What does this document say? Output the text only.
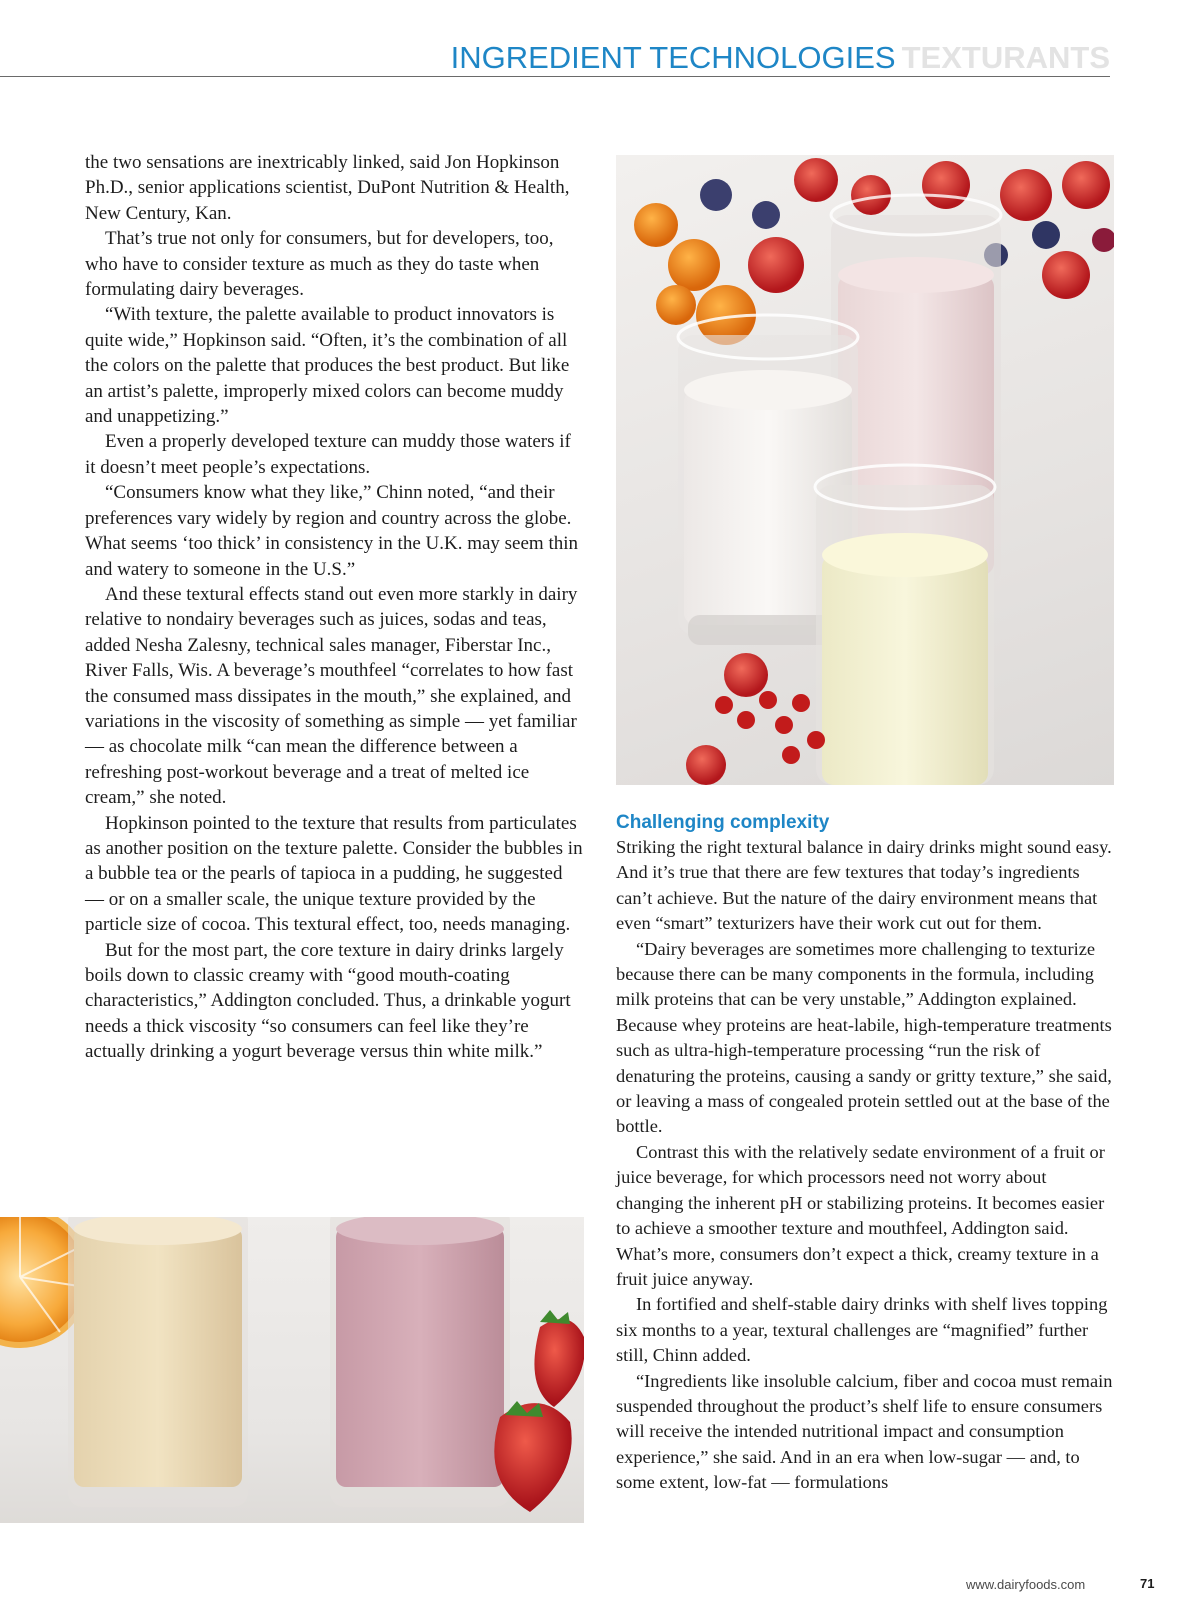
INGREDIENT TECHNOLOGIES TEXTURANTS

the two sensations are inextricably linked, said Jon Hopkinson Ph.D., senior applications scientist, DuPont Nutrition & Health, New Century, Kan.

That’s true not only for consumers, but for developers, too, who have to consider texture as much as they do taste when formulating dairy beverages.

“With texture, the palette available to product innovators is quite wide,” Hopkinson said. “Often, it’s the combination of all the colors on the palette that produces the best product. But like an artist’s palette, improperly mixed colors can become muddy and unappetizing.”

Even a properly developed texture can muddy those waters if it doesn’t meet people’s expectations.

“Consumers know what they like,” Chinn noted, “and their preferences vary widely by region and country across the globe. What seems ‘too thick’ in consistency in the U.K. may seem thin and watery to someone in the U.S.”

And these textural effects stand out even more starkly in dairy relative to nondairy beverages such as juices, sodas and teas, added Nesha Zalesny, technical sales manager, Fiberstar Inc., River Falls, Wis. A beverage’s mouthfeel “correlates to how fast the consumed mass dissipates in the mouth,” she explained, and variations in the viscosity of something as simple — yet familiar — as chocolate milk “can mean the difference between a refreshing post-workout beverage and a treat of melted ice cream,” she noted.

Hopkinson pointed to the texture that results from particulates as another position on the texture palette. Consider the bubbles in a bubble tea or the pearls of tapioca in a pudding, he suggested — or on a smaller scale, the unique texture provided by the particle size of cocoa. This textural effect, too, needs managing.

But for the most part, the core texture in dairy drinks largely boils down to classic creamy with “good mouth-coating characteristics,” Addington concluded. Thus, a drinkable yogurt needs a thick viscosity “so consumers can feel like they’re actually drinking a yogurt beverage versus thin white milk.”

Challenging complexity

Striking the right textural balance in dairy drinks might sound easy. And it’s true that there are few textures that today’s ingredients can’t achieve. But the nature of the dairy environment means that even “smart” texturizers have their work cut out for them.

“Dairy beverages are sometimes more challenging to texturize because there can be many components in the formula, including milk proteins that can be very unstable,” Addington explained. Because whey proteins are heat-labile, high-temperature treatments such as ultra-high-temperature processing “run the risk of denaturing the proteins, causing a sandy or gritty texture,” she said, or leaving a mass of congealed protein settled out at the base of the bottle.

Contrast this with the relatively sedate environment of a fruit or juice beverage, for which processors need not worry about changing the inherent pH or stabilizing proteins. It becomes easier to achieve a smoother texture and mouthfeel, Addington said. What’s more, consumers don’t expect a thick, creamy texture in a fruit juice anyway.

In fortified and shelf-stable dairy drinks with shelf lives topping six months to a year, textural challenges are “magnified” further still, Chinn added.

“Ingredients like insoluble calcium, fiber and cocoa must remain suspended throughout the product’s shelf life to ensure consumers will receive the intended nutritional impact and consumption experience,” she said. And in an era when low-sugar — and, to some extent, low-fat — formulations

www.dairyfoods.com	71
